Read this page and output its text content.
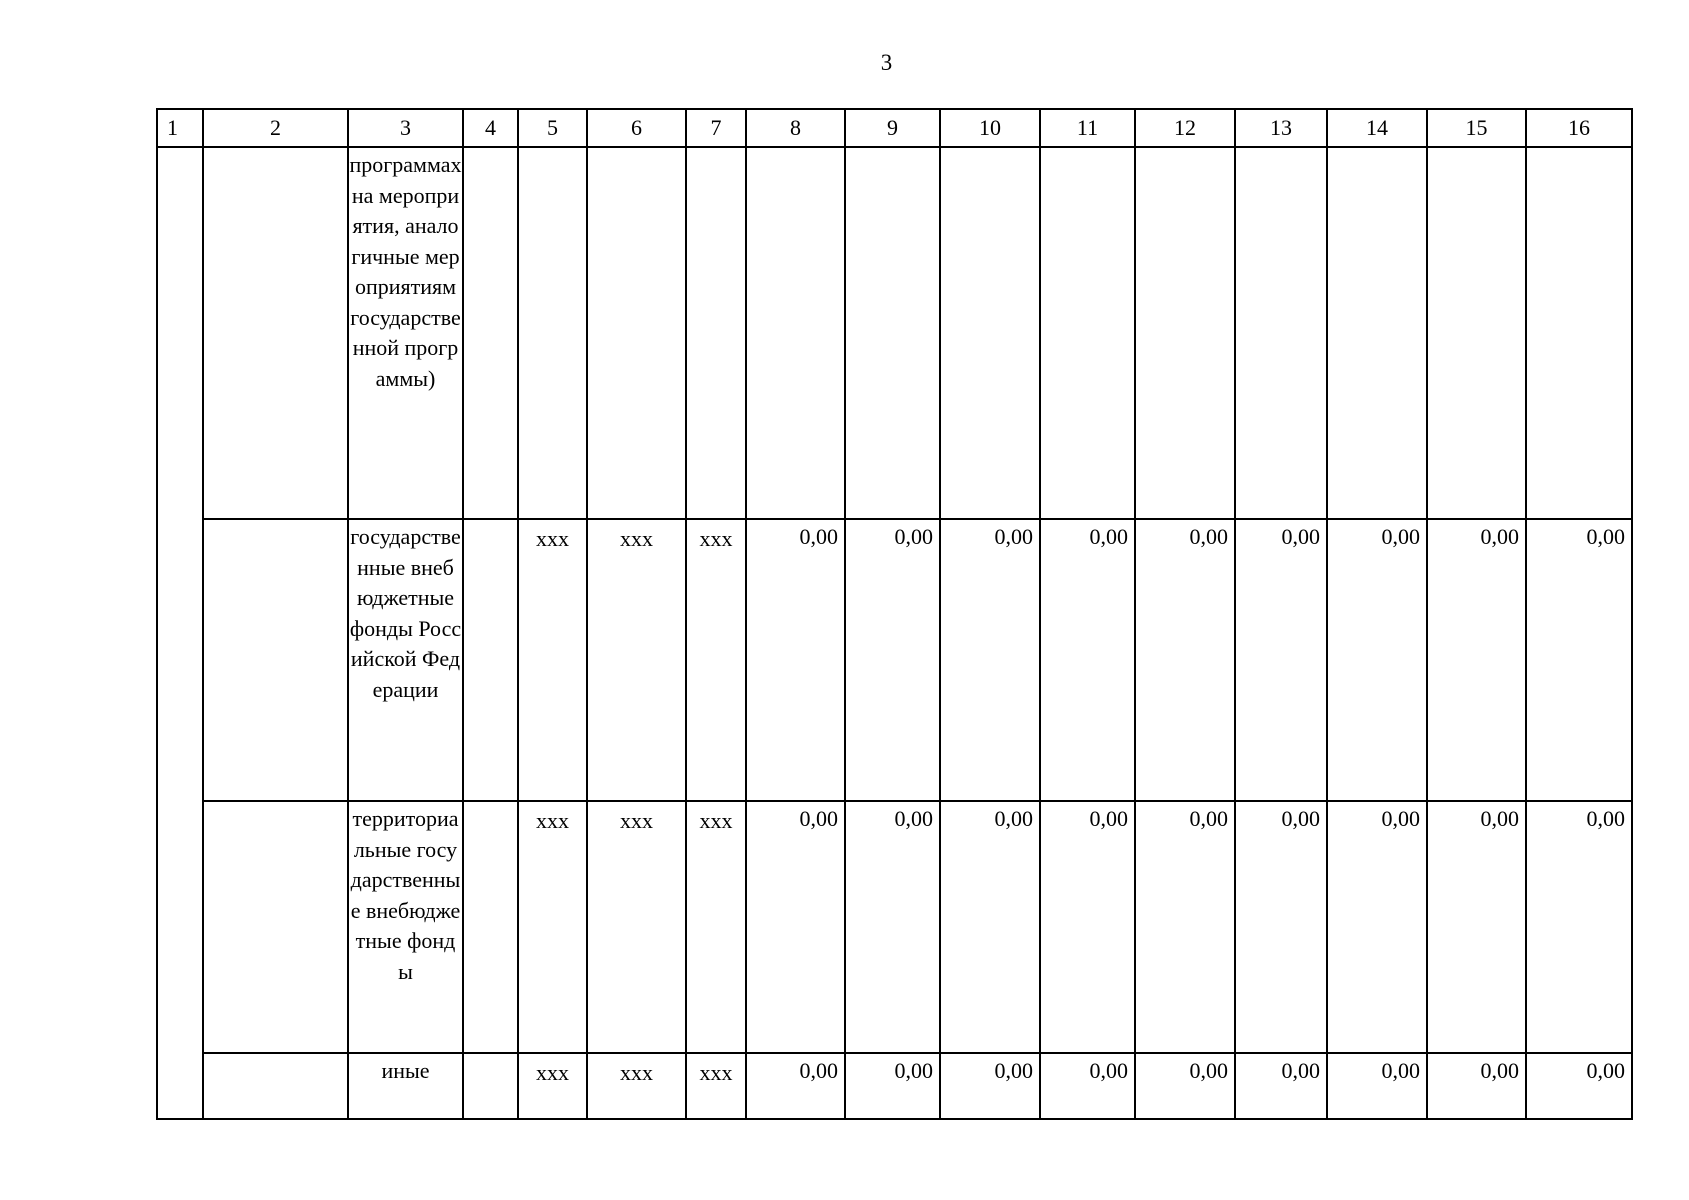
3
1	2	3	4	5	6	7	8	9	10	11	12	13	14	15	16
		программах на мероприятия, аналогичные мероприятиям государственной программы)													
		государственные внебюджетные фонды Российской Федерации		xxx	xxx	xxx	0,00	0,00	0,00	0,00	0,00	0,00	0,00	0,00	0,00
		территориальные государственные внебюджетные фонды		xxx	xxx	xxx	0,00	0,00	0,00	0,00	0,00	0,00	0,00	0,00	0,00
		иные		xxx	xxx	xxx	0,00	0,00	0,00	0,00	0,00	0,00	0,00	0,00	0,00
